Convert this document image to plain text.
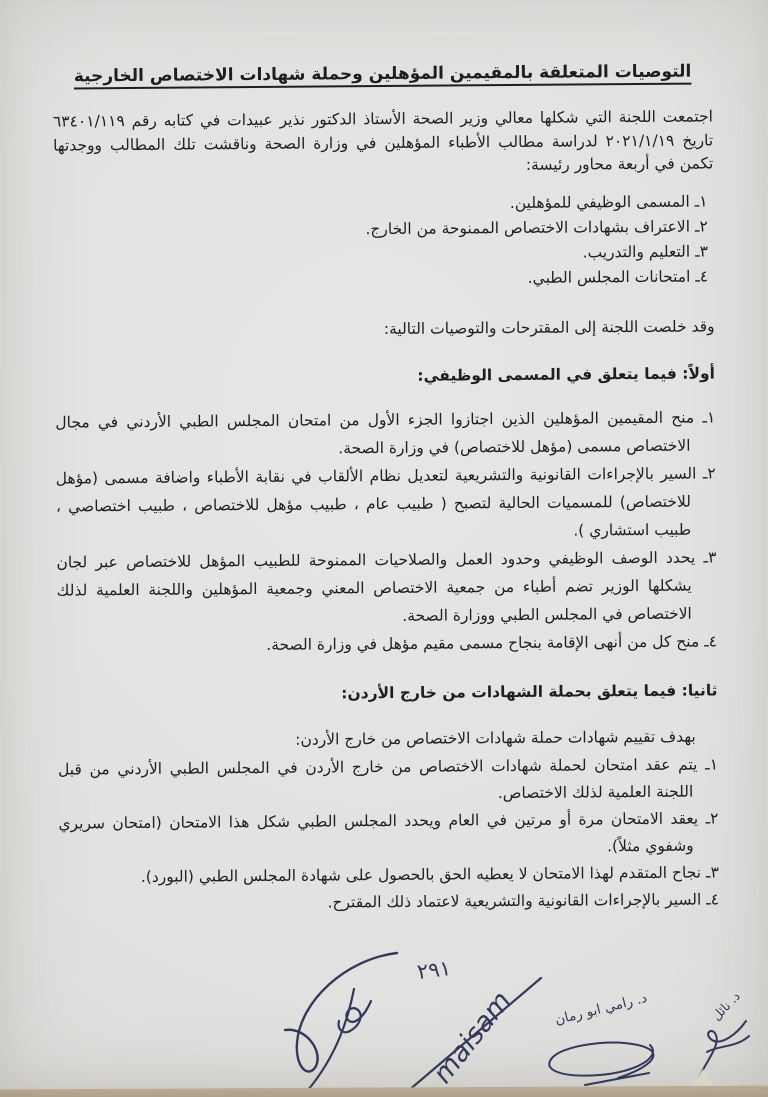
التوصيات المتعلقة بالمقيمين المؤهلين وحملة شهادات الاختصاص الخارجية

اجتمعت اللجنة التي شكلها معالي وزير الصحة الأستاذ الدكتور نذير عبيدات في كتابه رقم ٦٣٤٠١/١١٩ تاريخ ٢٠٢١/١/١٩ لدراسة مطالب الأطباء المؤهلين في وزارة الصحة وناقشت تلك المطالب ووجدتها تكمن في أربعة محاور رئيسة:

١ـ المسمى الوظيفي للمؤهلين.
٢ـ الاعتراف بشهادات الاختصاص الممنوحة من الخارج.
٣ـ التعليم والتدريب.
٤ـ امتحانات المجلس الطبي.

وقد خلصت اللجنة إلى المقترحات والتوصيات التالية:

أولاً: فيما يتعلق في المسمى الوظيفي:
١ـ منح المقيمين المؤهلين الذين اجتازوا الجزء الأول من امتحان المجلس الطبي الأردني في مجال الاختصاص مسمى (مؤهل للاختصاص) في وزارة الصحة.
٢ـ السير بالإجراءات القانونية والتشريعية لتعديل نظام الألقاب في نقابة الأطباء واضافة مسمى (مؤهل للاختصاص) للمسميات الحالية لتصبح ( طبيب عام ، طبيب مؤهل للاختصاص ، طبيب اختصاصي ، طبيب استشاري ).
٣ـ يحدد الوصف الوظيفي وحدود العمل والصلاحيات الممنوحة للطبيب المؤهل للاختصاص عبر لجان يشكلها الوزير تضم أطباء من جمعية الاختصاص المعني وجمعية المؤهلين واللجنة العلمية لذلك الاختصاص في المجلس الطبي ووزارة الصحة.
٤ـ منح كل من أنهى الإقامة بنجاح مسمى مقيم مؤهل في وزارة الصحة.
ثانيا: فيما يتعلق بحملة الشهادات من خارج الأردن:

بهدف تقييم شهادات حملة شهادات الاختصاص من خارج الأردن:

١ـ يتم عقد امتحان لحملة شهادات الاختصاص من خارج الأردن في المجلس الطبي الأردني من قبل اللجنة العلمية لذلك الاختصاص.
٢ـ يعقد الامتحان مرة أو مرتين في العام ويحدد المجلس الطبي شكل هذا الامتحان (امتحان سريري وشفوي مثلاً).
٣ـ نجاح المتقدم لهذا الامتحان لا يعطيه الحق بالحصول على شهادة المجلس الطبي (البورد).
٤ـ السير بالإجراءات القانونية والتشريعية لاعتماد ذلك المقترح.
٢٩١
maisam	د. رامي ابو رمان	د. نائل
